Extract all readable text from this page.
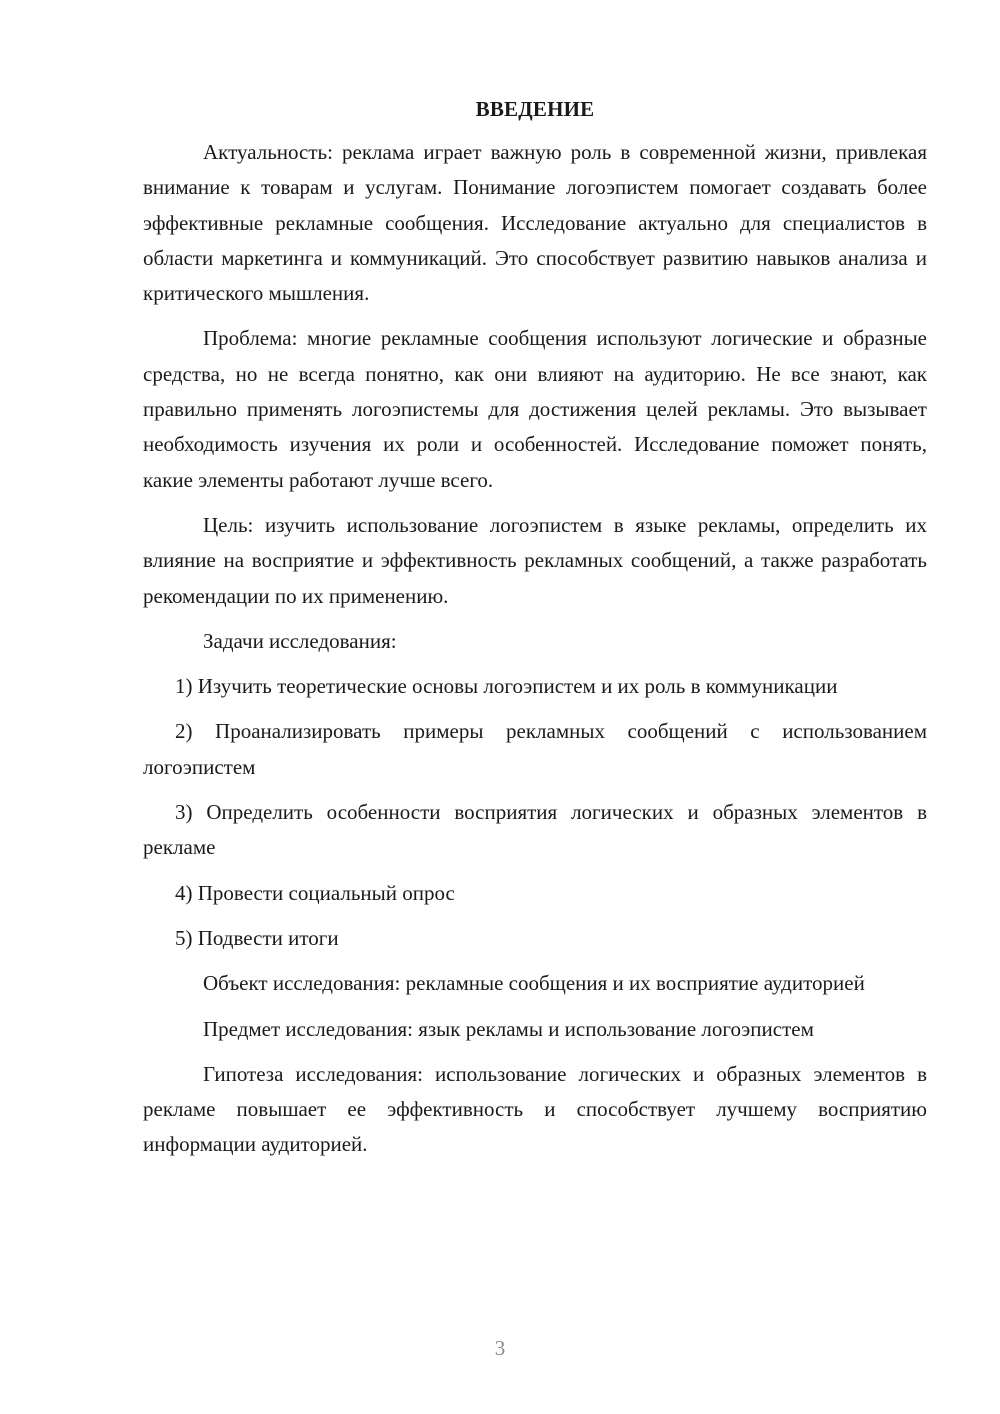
ВВЕДЕНИЕ

Актуальность: реклама играет важную роль в современной жизни, привлекая внимание к товарам и услугам. Понимание логоэпистем помогает создавать более эффективные рекламные сообщения. Исследование актуально для специалистов в области маркетинга и коммуникаций. Это способствует развитию навыков анализа и критического мышления.

Проблема: многие рекламные сообщения используют логические и образные средства, но не всегда понятно, как они влияют на аудиторию. Не все знают, как правильно применять логоэпистемы для достижения целей рекламы. Это вызывает необходимость изучения их роли и особенностей. Исследование поможет понять, какие элементы работают лучше всего.

Цель: изучить использование логоэпистем в языке рекламы, определить их влияние на восприятие и эффективность рекламных сообщений, а также разработать рекомендации по их применению.

Задачи исследования:

1) Изучить теоретические основы логоэпистем и их роль в коммуникации

2) Проанализировать примеры рекламных сообщений с использованием логоэпистем

3) Определить особенности восприятия логических и образных элементов в рекламе

4) Провести социальный опрос

5) Подвести итоги

Объект исследования: рекламные сообщения и их восприятие аудиторией

Предмет исследования: язык рекламы и использование логоэпистем

Гипотеза исследования: использование логических и образных элементов в рекламе повышает ее эффективность и способствует лучшему восприятию информации аудиторией.

3
